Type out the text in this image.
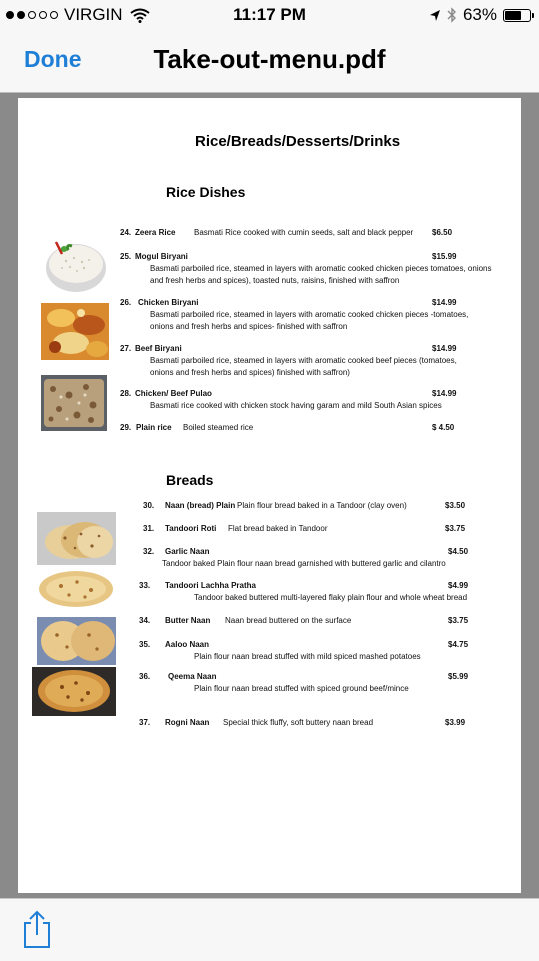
VIRGIN	11:17 PM	63%
Done	Take-out-menu.pdf
Rice/Breads/Desserts/Drinks
Rice Dishes
24. Zeera Rice Basmati Rice cooked with cumin seeds, salt and black pepper $6.50
25. Mogul Biryani	$15.99
Basmati parboiled rice, steamed in layers with aromatic cooked chicken pieces tomatoes, onions
and fresh herbs and spices), toasted nuts, raisins, finished with saffron
26. Chicken Biryani	$14.99
Basmati parboiled rice, steamed in layers with aromatic cooked chicken pieces -tomatoes,
onions and fresh herbs and spices- finished with saffron
27. Beef Biryani	$14.99
Basmati parboiled rice, steamed in layers with aromatic cooked beef pieces (tomatoes,
onions and fresh herbs and spices) finished with saffron)
28. Chicken/ Beef Pulao	$14.99
Basmati rice cooked with chicken stock having garam and mild South Asian spices
29. Plain rice Boiled steamed rice	$ 4.50
Breads
30. Naan (bread) Plain Plain flour bread baked in a Tandoor (clay oven)	$3.50
31. Tandoori Roti Flat bread baked in Tandoor	$3.75
32. Garlic Naan	$4.50
Tandoor baked Plain flour naan bread garnished with buttered garlic and cilantro
33. Tandoori Lachha Pratha	$4.99
Tandoor baked buttered multi-layered flaky plain flour and whole wheat bread
34. Butter Naan Naan bread buttered on the surface	$3.75
35. Aaloo Naan	$4.75
Plain flour naan bread stuffed with mild spiced mashed potatoes
36. Qeema Naan	$5.99
Plain flour naan bread stuffed with spiced ground beef/mince
37. Rogni Naan Special thick fluffy, soft buttery naan bread	$3.99
